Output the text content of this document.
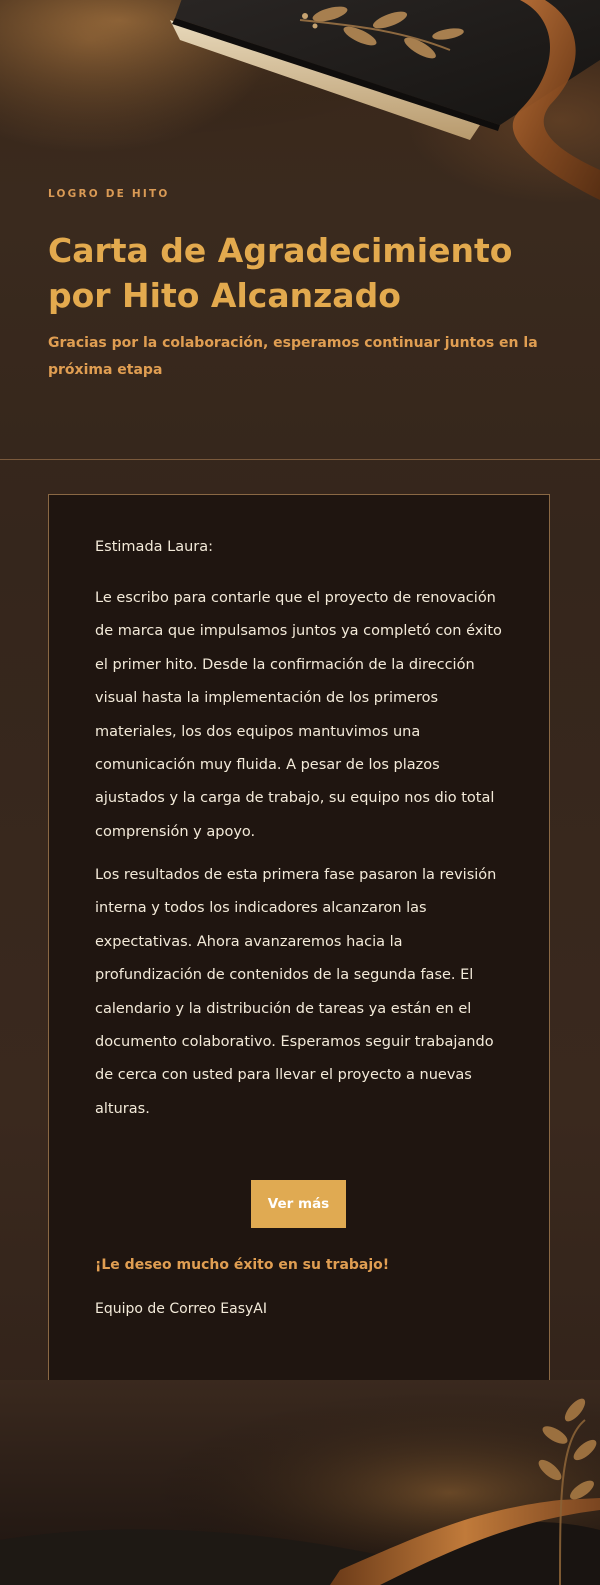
LOGRO DE HITO
Carta de Agradecimiento por Hito Alcanzado
Gracias por la colaboración, esperamos continuar juntos en la próxima etapa
Estimada Laura:
Le escribo para contarle que el proyecto de renovación de marca que impulsamos juntos ya completó con éxito el primer hito. Desde la confirmación de la dirección visual hasta la implementación de los primeros materiales, los dos equipos mantuvimos una comunicación muy fluida. A pesar de los plazos ajustados y la carga de trabajo, su equipo nos dio total comprensión y apoyo.
Los resultados de esta primera fase pasaron la revisión interna y todos los indicadores alcanzaron las expectativas. Ahora avanzaremos hacia la profundización de contenidos de la segunda fase. El calendario y la distribución de tareas ya están en el documento colaborativo. Esperamos seguir trabajando de cerca con usted para llevar el proyecto a nuevas alturas.
Ver más
¡Le deseo mucho éxito en su trabajo!
Equipo de Correo EasyAI
